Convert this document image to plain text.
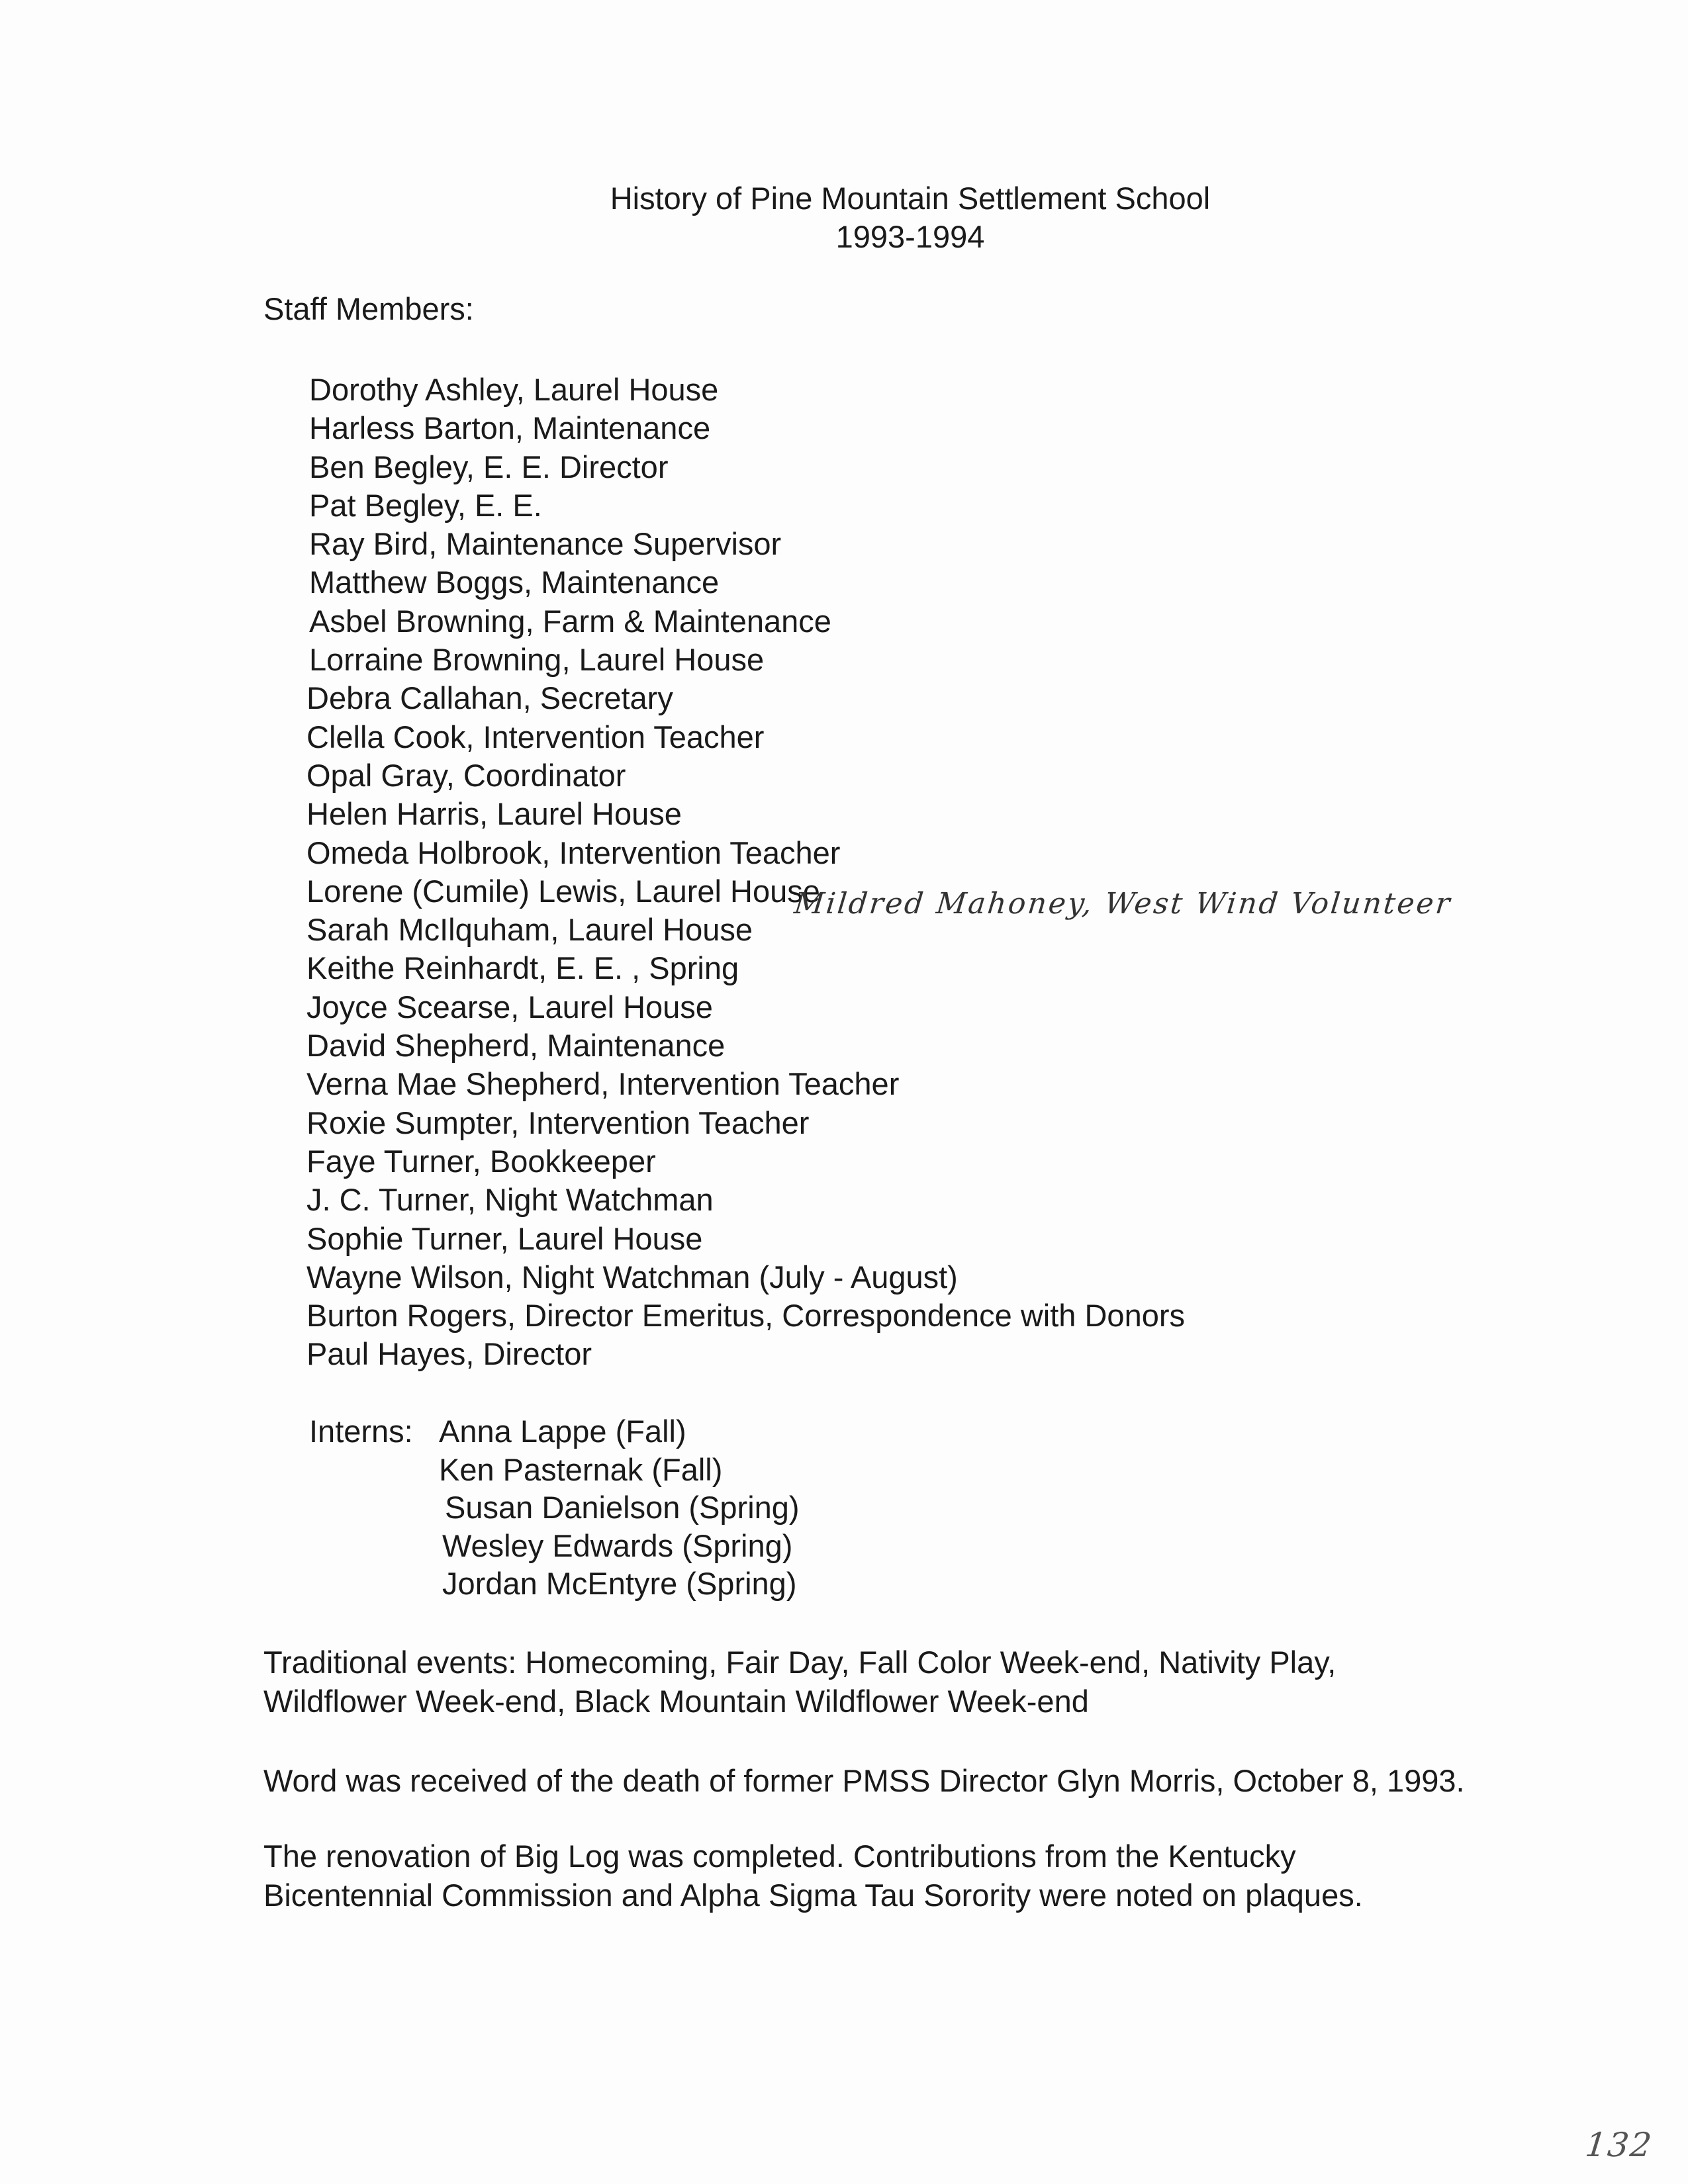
History of Pine Mountain Settlement School
1993-1994
Staff Members:
Dorothy Ashley, Laurel House
Harless Barton, Maintenance
Ben Begley, E. E. Director
Pat Begley, E. E.
Ray Bird, Maintenance Supervisor
Matthew Boggs, Maintenance
Asbel Browning, Farm & Maintenance
Lorraine Browning, Laurel House
Debra Callahan, Secretary
Clella Cook, Intervention Teacher
Opal Gray, Coordinator
Helen Harris, Laurel House
Omeda Holbrook, Intervention Teacher
Lorene (Cumile) Lewis, Laurel House
Sarah McIlquham, Laurel House
Keithe Reinhardt, E. E. , Spring
Joyce Scearse, Laurel House
David Shepherd, Maintenance
Verna Mae Shepherd, Intervention Teacher
Roxie Sumpter, Intervention Teacher
Faye Turner, Bookkeeper
J. C. Turner, Night Watchman
Sophie Turner, Laurel House
Wayne Wilson, Night Watchman (July - August)
Burton Rogers, Director Emeritus, Correspondence with Donors
Paul Hayes, Director
Mildred Mahoney, West Wind Volunteer
Interns: Anna Lappe (Fall)
Ken Pasternak (Fall)
Susan Danielson (Spring)
Wesley Edwards (Spring)
Jordan McEntyre (Spring)
Traditional events: Homecoming, Fair Day, Fall Color Week-end, Nativity Play,
Wildflower Week-end, Black Mountain Wildflower Week-end
Word was received of the death of former PMSS Director Glyn Morris, October 8, 1993.
The renovation of Big Log was completed. Contributions from the Kentucky
Bicentennial Commission and Alpha Sigma Tau Sorority were noted on plaques.
132
